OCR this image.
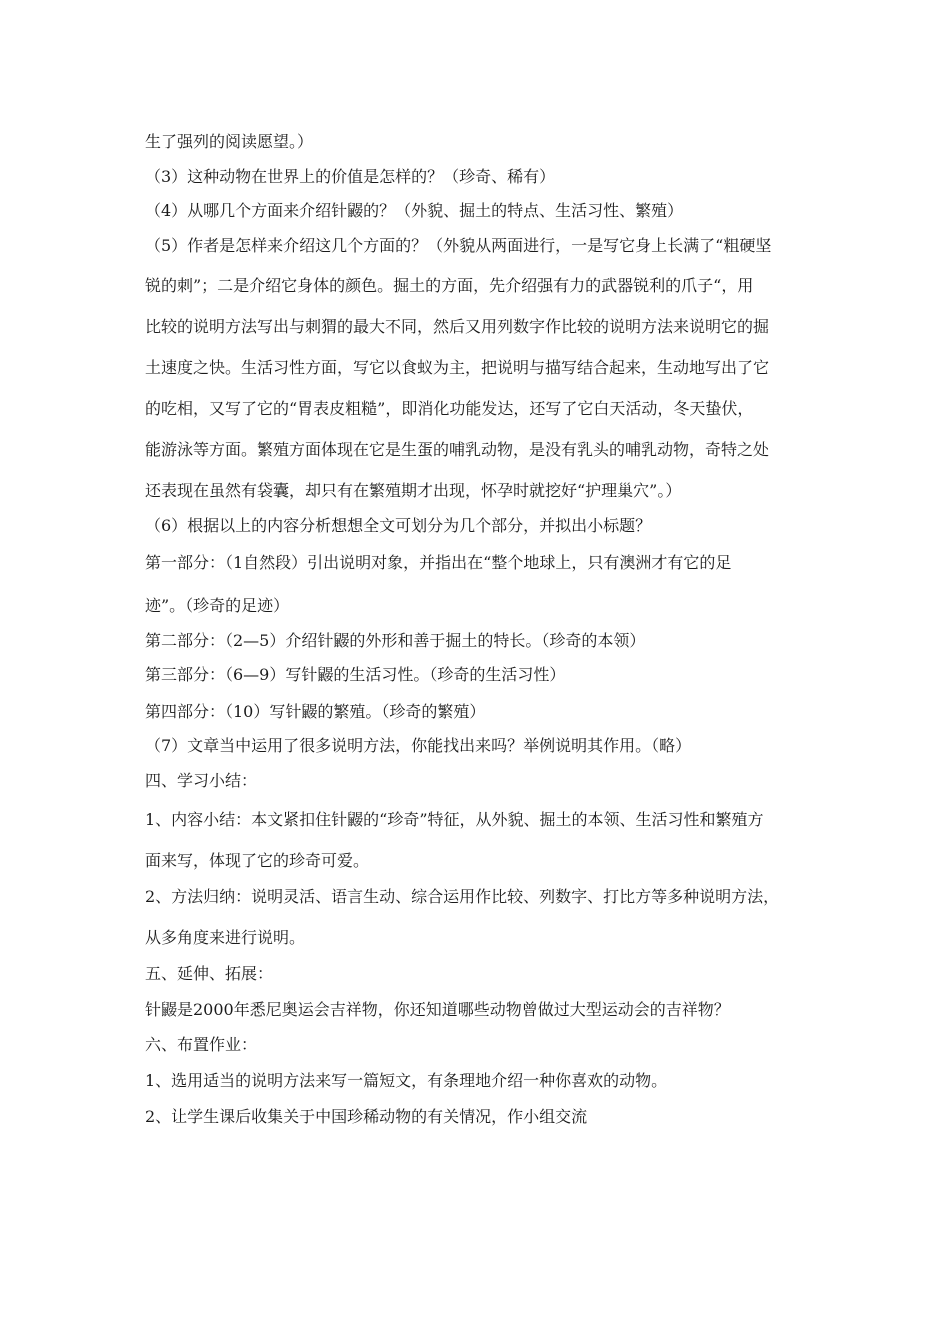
生了强列的阅读愿望。）
（3）这种动物在世界上的价值是怎样的？（珍奇、稀有）
（4）从哪几个方面来介绍针鼹的？（外貌、掘土的特点、生活习性、繁殖）
（5）作者是怎样来介绍这几个方面的？（外貌从两面进行，一是写它身上长满了“粗硬坚
锐的刺”；二是介绍它身体的颜色。掘土的方面，先介绍强有力的武器锐利的爪子“，用
比较的说明方法写出与刺猬的最大不同，然后又用列数字作比较的说明方法来说明它的掘
土速度之快。生活习性方面，写它以食蚁为主，把说明与描写结合起来，生动地写出了它
的吃相，又写了它的“胃表皮粗糙”，即消化功能发达，还写了它白天活动，冬天蛰伏，
能游泳等方面。繁殖方面体现在它是生蛋的哺乳动物，是没有乳头的哺乳动物，奇特之处
还表现在虽然有袋囊，却只有在繁殖期才出现，怀孕时就挖好“护理巢穴”。）
（6）根据以上的内容分析想想全文可划分为几个部分，并拟出小标题？
第一部分：（1自然段）引出说明对象，并指出在“整个地球上，只有澳洲才有它的足
迹”。（珍奇的足迹）
第二部分：（2—5）介绍针鼹的外形和善于掘土的特长。（珍奇的本领）
第三部分：（6—9）写针鼹的生活习性。（珍奇的生活习性）
第四部分：（10）写针鼹的繁殖。（珍奇的繁殖）
（7）文章当中运用了很多说明方法，你能找出来吗？举例说明其作用。（略）
四、学习小结：
1、内容小结：本文紧扣住针鼹的“珍奇”特征，从外貌、掘土的本领、生活习性和繁殖方
面来写，体现了它的珍奇可爱。
2、方法归纳：说明灵活、语言生动、综合运用作比较、列数字、打比方等多种说明方法，
从多角度来进行说明。
五、延伸、拓展：
针鼹是2000年悉尼奥运会吉祥物，你还知道哪些动物曾做过大型运动会的吉祥物？
六、布置作业：
1、选用适当的说明方法来写一篇短文，有条理地介绍一种你喜欢的动物。
2、让学生课后收集关于中国珍稀动物的有关情况，作小组交流
